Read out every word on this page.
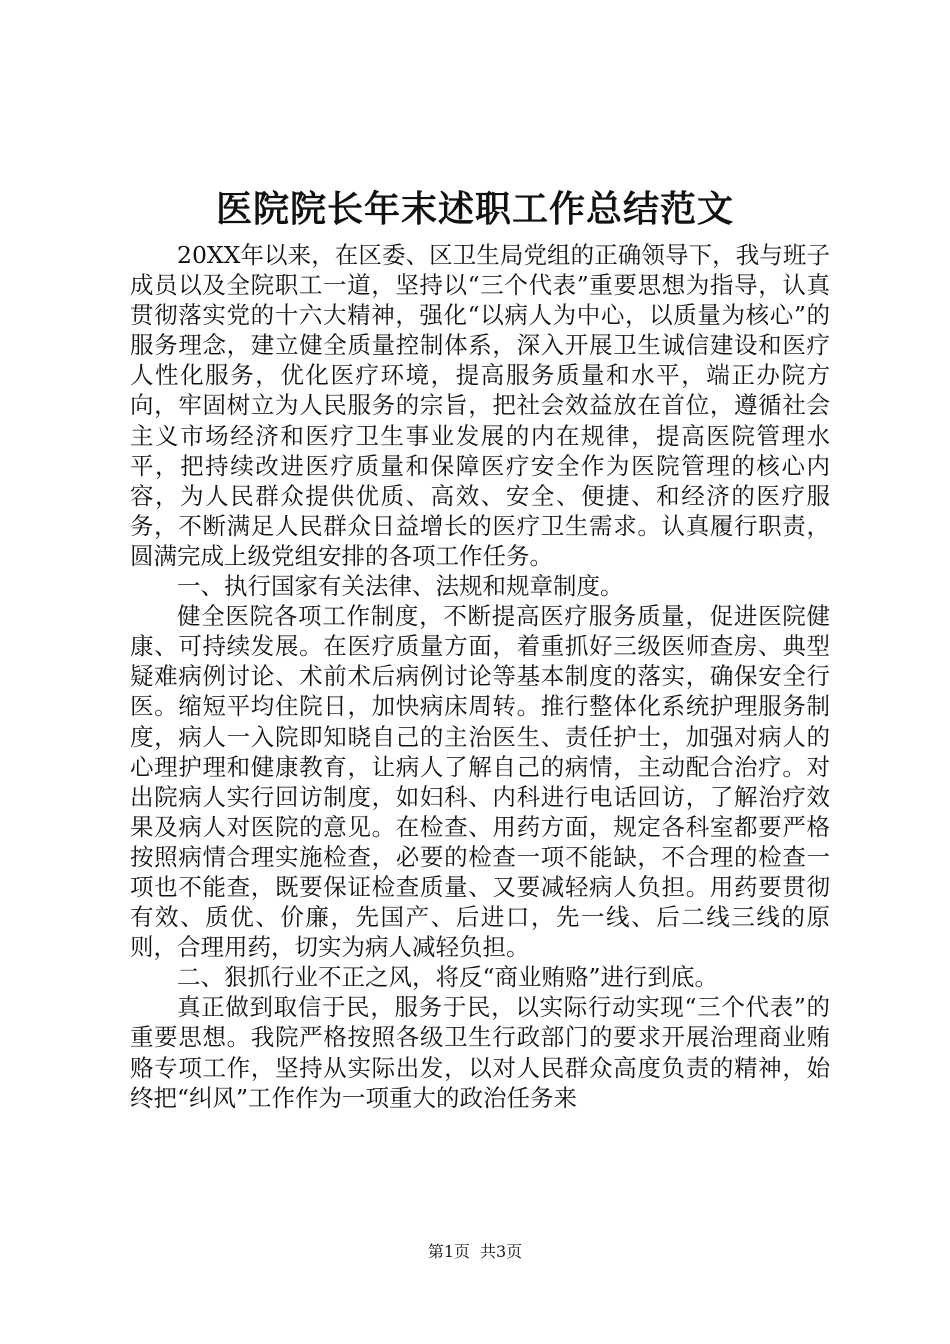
医院院长年末述职工作总结范文

20XX年以来，在区委、区卫生局党组的正确领导下，我与班子成员以及全院职工一道，坚持以“三个代表”重要思想为指导，认真贯彻落实党的十六大精神，强化“以病人为中心，以质量为核心”的服务理念，建立健全质量控制体系，深入开展卫生诚信建设和医疗人性化服务，优化医疗环境，提高服务质量和水平，端正办院方向，牢固树立为人民服务的宗旨，把社会效益放在首位，遵循社会主义市场经济和医疗卫生事业发展的内在规律，提高医院管理水平，把持续改进医疗质量和保障医疗安全作为医院管理的核心内容，为人民群众提供优质、高效、安全、便捷、和经济的医疗服务，不断满足人民群众日益增长的医疗卫生需求。认真履行职责，圆满完成上级党组安排的各项工作任务。

一、执行国家有关法律、法规和规章制度。

健全医院各项工作制度，不断提高医疗服务质量，促进医院健康、可持续发展。在医疗质量方面，着重抓好三级医师查房、典型疑难病例讨论、术前术后病例讨论等基本制度的落实，确保安全行医。缩短平均住院日，加快病床周转。推行整体化系统护理服务制度，病人一入院即知晓自己的主治医生、责任护士，加强对病人的心理护理和健康教育，让病人了解自己的病情，主动配合治疗。对出院病人实行回访制度，如妇科、内科进行电话回访，了解治疗效果及病人对医院的意见。在检查、用药方面，规定各科室都要严格按照病情合理实施检查，必要的检查一项不能缺，不合理的检查一项也不能查，既要保证检查质量、又要减轻病人负担。用药要贯彻有效、质优、价廉，先国产、后进口，先一线、后二线三线的原则，合理用药，切实为病人减轻负担。

二、狠抓行业不正之风，将反“商业贿赂”进行到底。

真正做到取信于民，服务于民，以实际行动实现“三个代表”的重要思想。我院严格按照各级卫生行政部门的要求开展治理商业贿赂专项工作，坚持从实际出发，以对人民群众高度负责的精神，始终把“纠风”工作作为一项重大的政治任务来

第1页 共3页
